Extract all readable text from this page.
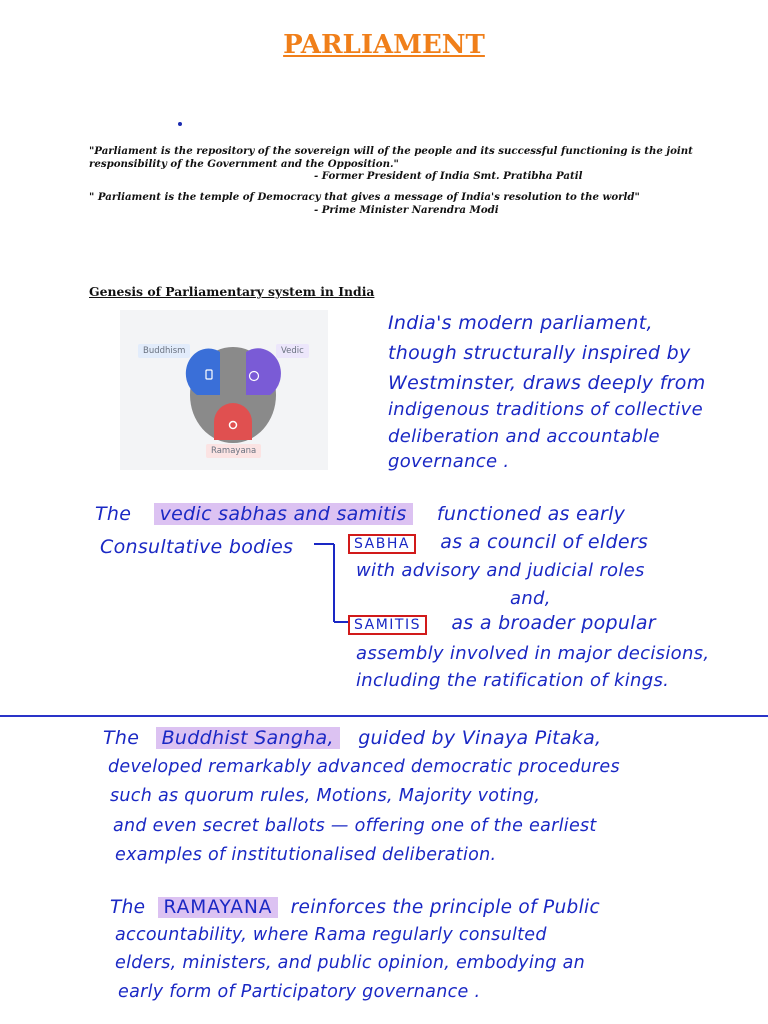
PARLIAMENT
"Parliament is the repository of the sovereign will of the people and its successful functioning is the joint responsibility of the Government and the Opposition."
- Former President of India Smt. Pratibha Patil
" Parliament is the temple of Democracy that gives a message of India's resolution to the world"
- Prime Minister Narendra Modi
Genesis of Parliamentary system in India
Buddhism	Vedic
Ramayana
India's modern parliament,
though structurally inspired by
Westminster, draws deeply from
indigenous traditions of collective
deliberation and accountable
governance .
The vedic sabhas and samitis functioned as early
Consultative bodies	SABHA as a council of elders
with advisory and judicial roles
and,
SAMITIS as a broader popular
assembly involved in major decisions,
including the ratification of kings.
The Buddhist Sangha, guided by Vinaya Pitaka,
developed remarkably advanced democratic procedures
such as quorum rules, Motions, Majority voting,
and even secret ballots — offering one of the earliest
examples of institutionalised deliberation.
The RAMAYANA reinforces the principle of Public
accountability, where Rama regularly consulted
elders, ministers, and public opinion, embodying an
early form of Participatory governance .
